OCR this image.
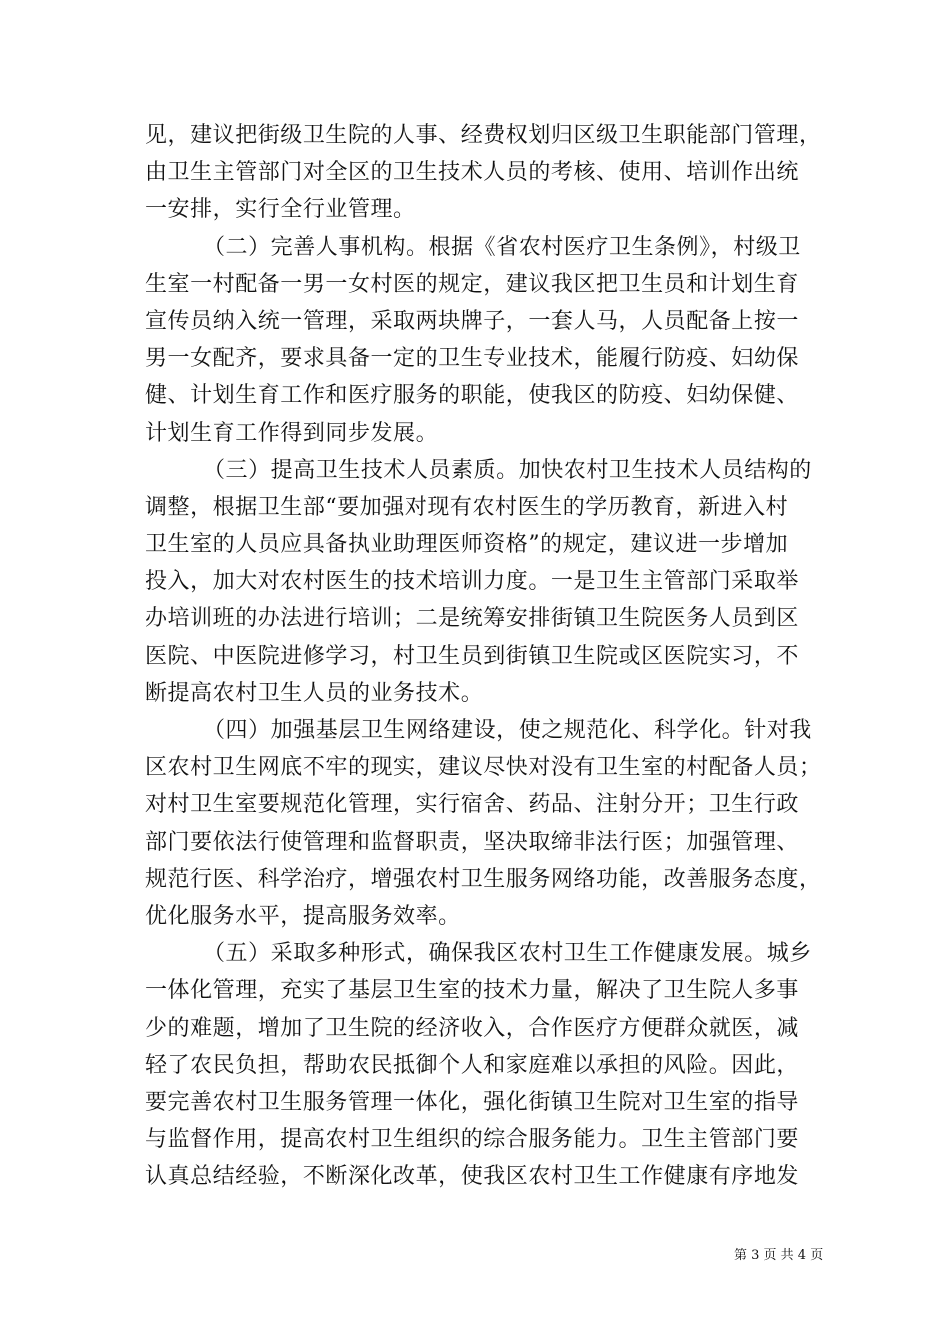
见，建议把街级卫生院的人事、经费权划归区级卫生职能部门管理，
由卫生主管部门对全区的卫生技术人员的考核、使用、培训作出统
一安排，实行全行业管理。
（二）完善人事机构。根据《省农村医疗卫生条例》，村级卫
生室一村配备一男一女村医的规定，建议我区把卫生员和计划生育
宣传员纳入统一管理，采取两块牌子，一套人马，人员配备上按一
男一女配齐，要求具备一定的卫生专业技术，能履行防疫、妇幼保
健、计划生育工作和医疗服务的职能，使我区的防疫、妇幼保健、
计划生育工作得到同步发展。
（三）提高卫生技术人员素质。加快农村卫生技术人员结构的
调整，根据卫生部“要加强对现有农村医生的学历教育，新进入村
卫生室的人员应具备执业助理医师资格”的规定，建议进一步增加
投入，加大对农村医生的技术培训力度。一是卫生主管部门采取举
办培训班的办法进行培训；二是统筹安排街镇卫生院医务人员到区
医院、中医院进修学习，村卫生员到街镇卫生院或区医院实习，不
断提高农村卫生人员的业务技术。
（四）加强基层卫生网络建设，使之规范化、科学化。针对我
区农村卫生网底不牢的现实，建议尽快对没有卫生室的村配备人员；
对村卫生室要规范化管理，实行宿舍、药品、注射分开；卫生行政
部门要依法行使管理和监督职责，坚决取缔非法行医；加强管理、
规范行医、科学治疗，增强农村卫生服务网络功能，改善服务态度，
优化服务水平，提高服务效率。
（五）采取多种形式，确保我区农村卫生工作健康发展。城乡
一体化管理，充实了基层卫生室的技术力量，解决了卫生院人多事
少的难题，增加了卫生院的经济收入，合作医疗方便群众就医，减
轻了农民负担，帮助农民抵御个人和家庭难以承担的风险。因此，
要完善农村卫生服务管理一体化，强化街镇卫生院对卫生室的指导
与监督作用，提高农村卫生组织的综合服务能力。卫生主管部门要
认真总结经验，不断深化改革，使我区农村卫生工作健康有序地发
第 3 页 共 4 页
